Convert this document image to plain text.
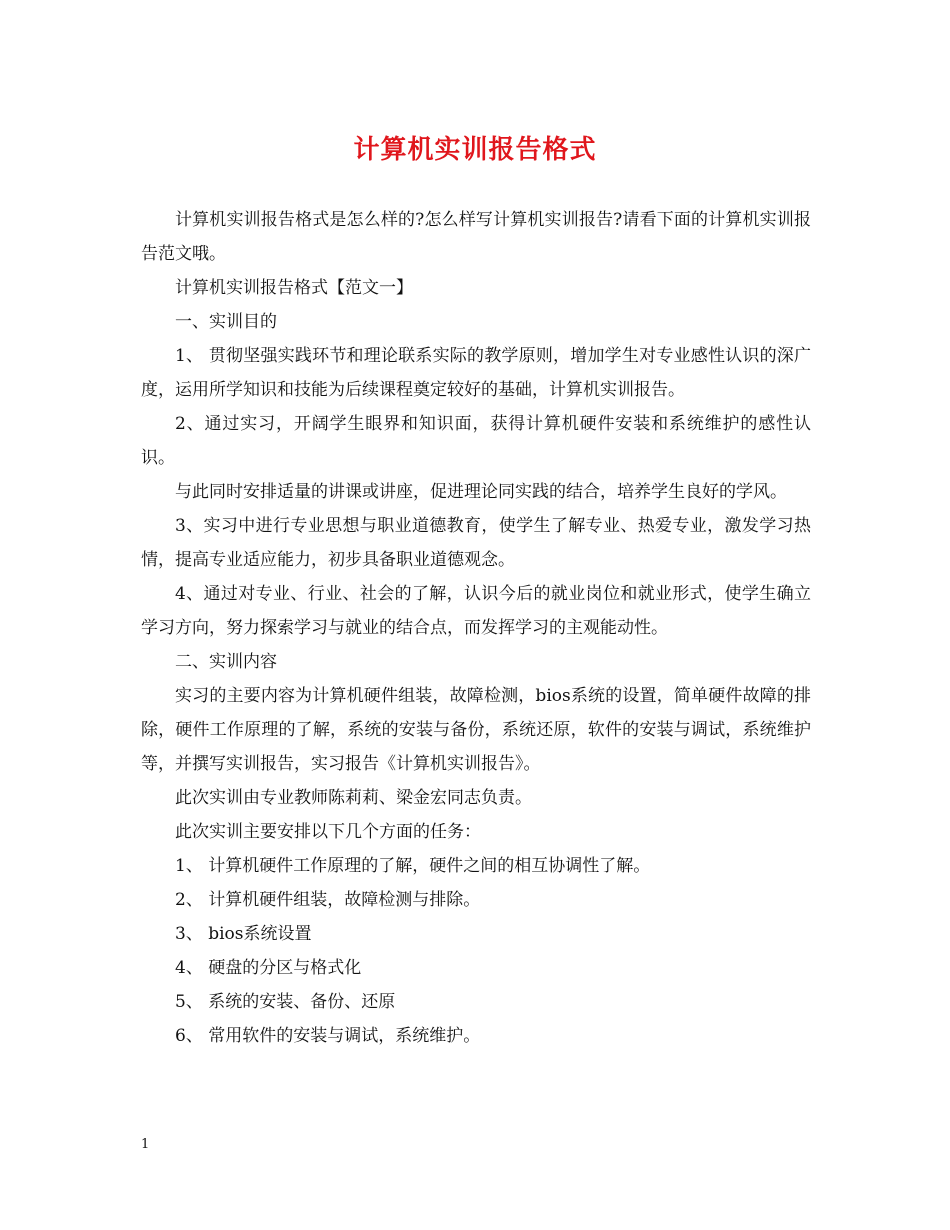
计算机实训报告格式

计算机实训报告格式是怎么样的?怎么样写计算机实训报告?请看下面的计算机实训报告范文哦。

计算机实训报告格式【范文一】

一、实训目的

1、 贯彻坚强实践环节和理论联系实际的教学原则，增加学生对专业感性认识的深广度，运用所学知识和技能为后续课程奠定较好的基础，计算机实训报告。

2、通过实习，开阔学生眼界和知识面，获得计算机硬件安装和系统维护的感性认识。

与此同时安排适量的讲课或讲座，促进理论同实践的结合，培养学生良好的学风。

3、实习中进行专业思想与职业道德教育，使学生了解专业、热爱专业，激发学习热情，提高专业适应能力，初步具备职业道德观念。

4、通过对专业、行业、社会的了解，认识今后的就业岗位和就业形式，使学生确立学习方向，努力探索学习与就业的结合点，而发挥学习的主观能动性。

二、实训内容

实习的主要内容为计算机硬件组装，故障检测，bios系统的设置，简单硬件故障的排除，硬件工作原理的了解，系统的安装与备份，系统还原，软件的安装与调试，系统维护等，并撰写实训报告，实习报告《计算机实训报告》。

此次实训由专业教师陈莉莉、梁金宏同志负责。

此次实训主要安排以下几个方面的任务：

1、 计算机硬件工作原理的了解，硬件之间的相互协调性了解。

2、 计算机硬件组装，故障检测与排除。

3、 bios系统设置

4、 硬盘的分区与格式化

5、 系统的安装、备份、还原

6、 常用软件的安装与调试，系统维护。

1
